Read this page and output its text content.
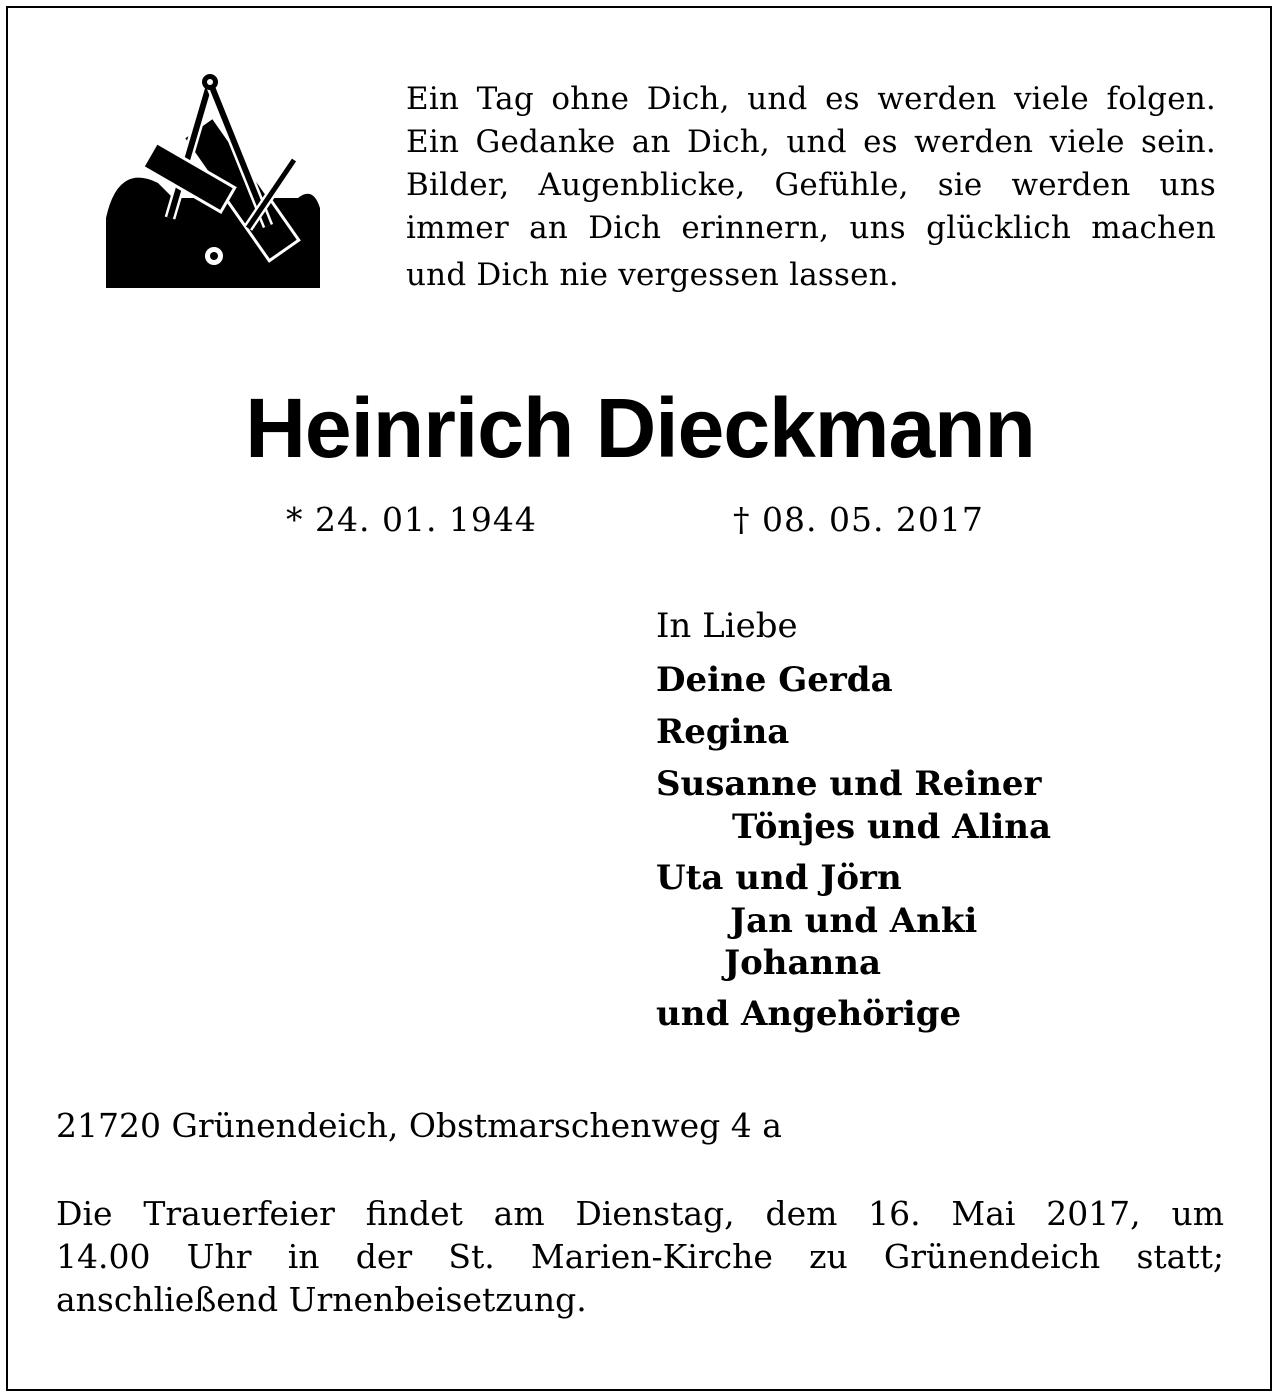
Ein Tag ohne Dich, und es werden viele folgen.
Ein Gedanke an Dich, und es werden viele sein.
Bilder, Augenblicke, Gefühle, sie werden uns
immer an Dich erinnern, uns glücklich machen
und Dich nie vergessen lassen.
Heinrich Dieckmann
* 24. 01. 1944	† 08. 05. 2017
In Liebe
Deine Gerda
Regina
Susanne und Reiner
Tönjes und Alina
Uta und Jörn
Jan und Anki
Johanna
und Angehörige
21720 Grünendeich, Obstmarschenweg 4 a
Die Trauerfeier findet am Dienstag, dem 16. Mai 2017, um
14.00 Uhr in der St. Marien-Kirche zu Grünendeich statt;
anschließend Urnenbeisetzung.
